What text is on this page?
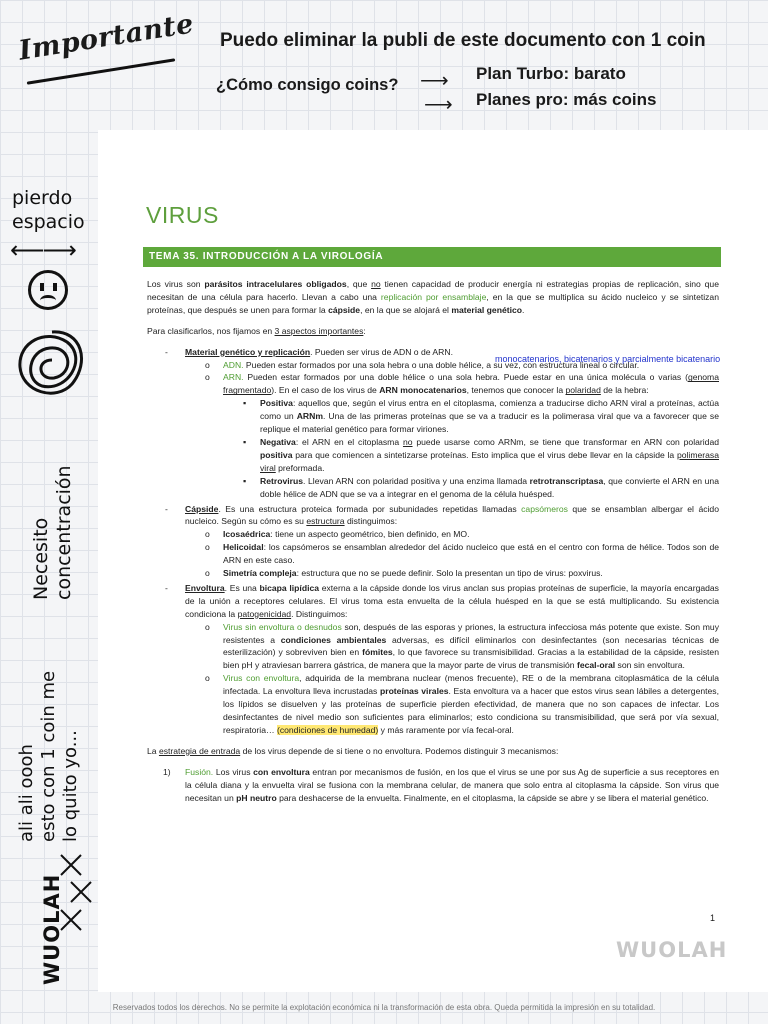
Importante Puedo eliminar la publi de este documento con 1 coin
¿Cómo consigo coins? ⟶
⟶
Plan Turbo: barato
Planes pro: más coins
pierdo
espacio
⟵⟶
Necesito concentración
ali ali oooh esto con 1 coin me lo quito yo...
WUOLAH
VIRUS
TEMA 35. INTRODUCCIÓN A LA VIROLOGÍA
monocatenarios, bicatenarios y parcialmente bicatenario

Los virus son parásitos intracelulares obligados, que no tienen capacidad de producir energía ni estrategias propias de replicación, sino que necesitan de una célula para hacerlo. Llevan a cabo una replicación por ensamblaje, en la que se multiplica su ácido nucleico y se sintetizan proteínas, que después se unen para formar la cápside, en la que se alojará el material genético.

Para clasificarlos, nos fijamos en 3 aspectos importantes:

- Material genético y replicación. Pueden ser virus de ADN o de ARN.
o ADN. Pueden estar formados por una sola hebra o una doble hélice, a su vez, con estructura lineal o circular.
o ARN. Pueden estar formados por una doble hélice o una sola hebra. Puede estar en una única molécula o varias (genoma fragmentado). En el caso de los virus de ARN monocatenarios, tenemos que conocer la polaridad de la hebra:
▪ Positiva: aquellos que, según el virus entra en el citoplasma, comienza a traducirse dicho ARN viral a proteínas, actúa como un ARNm. Una de las primeras proteínas que se va a traducir es la polimerasa viral que va a favorecer que se replique el material genético para formar viriones.
▪ Negativa: el ARN en el citoplasma no puede usarse como ARNm, se tiene que transformar en ARN con polaridad positiva para que comiencen a sintetizarse proteínas. Esto implica que el virus debe llevar en la cápside la polimerasa viral preformada.
▪ Retrovirus. Llevan ARN con polaridad positiva y una enzima llamada retrotranscriptasa, que convierte el ARN en una doble hélice de ADN que se va a integrar en el genoma de la célula huésped.
- Cápside. Es una estructura proteica formada por subunidades repetidas llamadas capsómeros que se ensamblan albergar el ácido nucleico. Según su cómo es su estructura distinguimos:
o Icosaédrica: tiene un aspecto geométrico, bien definido, en MO.
o Helicoidal: los capsómeros se ensamblan alrededor del ácido nucleico que está en el centro con forma de hélice. Todos son de ARN en este caso.
o Simetría compleja: estructura que no se puede definir. Solo la presentan un tipo de virus: poxvirus.
- Envoltura. Es una bicapa lipídica externa a la cápside donde los virus anclan sus propias proteínas de superficie, la mayoría encargadas de la unión a receptores celulares. El virus toma esta envuelta de la célula huésped en la que se está multiplicando. Su existencia condiciona la patogenicidad. Distinguimos:
o Virus sin envoltura o desnudos son, después de las esporas y priones, la estructura infecciosa más potente que existe. Son muy resistentes a condiciones ambientales adversas, es difícil eliminarlos con desinfectantes (son necesarias técnicas de esterilización) y sobreviven bien en fómites, lo que favorece su transmisibilidad. Gracias a la estabilidad de la cápside, resisten bien pH y atraviesan barrera gástrica, de manera que la mayor parte de virus de transmisión fecal-oral son sin envoltura.
o Virus con envoltura, adquirida de la membrana nuclear (menos frecuente), RE o de la membrana citoplasmática de la célula infectada. La envoltura lleva incrustadas proteínas virales. Esta envoltura va a hacer que estos virus sean lábiles a detergentes, los lípidos se disuelven y las proteínas de superficie pierden efectividad, de manera que no son capaces de infectar. Los desinfectantes de nivel medio son suficientes para eliminarlos; esto condiciona su transmisibilidad, que será por vía sexual, respiratoria… (condiciones de humedad) y más raramente por vía fecal-oral.

La estrategia de entrada de los virus depende de si tiene o no envoltura. Podemos distinguir 3 mecanismos:

1) Fusión. Los virus con envoltura entran por mecanismos de fusión, en los que el virus se une por sus Ag de superficie a sus receptores en la célula diana y la envuelta viral se fusiona con la membrana celular, de manera que solo entra al citoplasma la cápside. Son virus que necesitan un pH neutro para deshacerse de la envuelta. Finalmente, en el citoplasma, la cápside se abre y se libera el material genético.
1
WUOLAH
Reservados todos los derechos. No se permite la explotación económica ni la transformación de esta obra. Queda permitida la impresión en su totalidad.
